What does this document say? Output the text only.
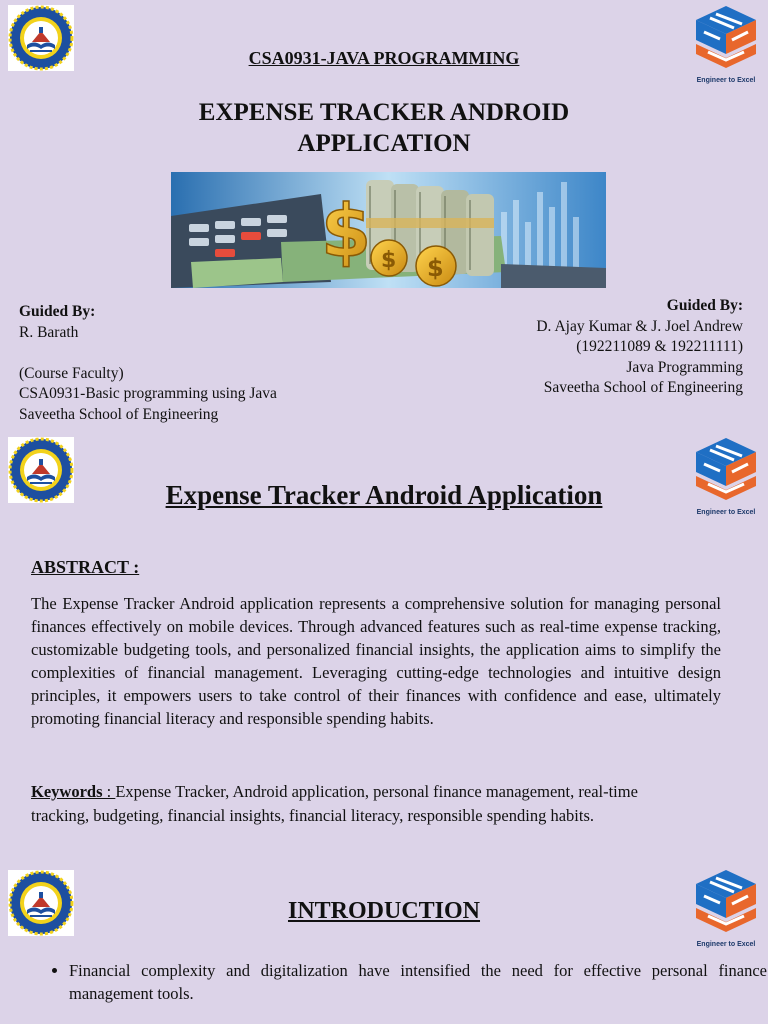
Engineer to Excel
CSA0931-JAVA PROGRAMMING
EXPENSE TRACKER ANDROID
APPLICATION
$ $ $
Guided By:
R. Barath
(Course Faculty)
CSA0931-Basic programming using Java
Saveetha School of Engineering
Guided By:
D. Ajay Kumar & J. Joel Andrew
(192211089 & 192211111)
Java Programming
Saveetha School of Engineering
Engineer to Excel
Expense Tracker Android Application
ABSTRACT :
The Expense Tracker Android application represents a comprehensive solution for managing personal finances effectively on mobile devices. Through advanced features such as real-time expense tracking, customizable budgeting tools, and personalized financial insights, the application aims to simplify the complexities of financial management. Leveraging cutting-edge technologies and intuitive design principles, it empowers users to take control of their finances with confidence and ease, ultimately promoting financial literacy and responsible spending habits.
Keywords : Expense Tracker, Android application, personal finance management, real-time tracking, budgeting, financial insights, financial literacy, responsible spending habits.
Engineer to Excel
INTRODUCTION
• Financial complexity and digitalization have intensified the need for effective personal finance management tools.
